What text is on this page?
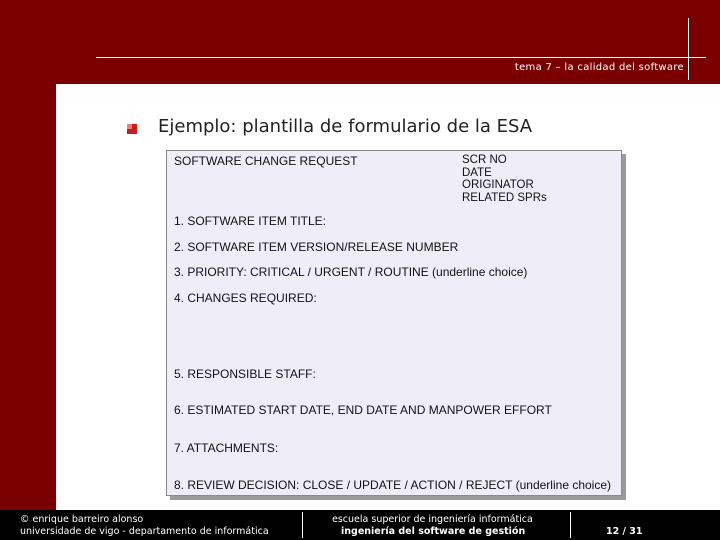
tema 7 – la calidad del software
Ejemplo: plantilla de formulario de la ESA
SOFTWARE CHANGE REQUEST	SCR NO
DATE
ORIGINATOR
RELATED SPRs
1. SOFTWARE ITEM TITLE:
2. SOFTWARE ITEM VERSION/RELEASE NUMBER
3. PRIORITY: CRITICAL / URGENT / ROUTINE (underline choice)
4. CHANGES REQUIRED:
5. RESPONSIBLE STAFF:
6. ESTIMATED START DATE, END DATE AND MANPOWER EFFORT
7. ATTACHMENTS:
8. REVIEW DECISION: CLOSE / UPDATE / ACTION / REJECT (underline choice)
© enrique barreiro alonso
universidade de vigo - departamento de informática
escuela superior de ingeniería informática
ingeniería del software de gestión	12 / 31
